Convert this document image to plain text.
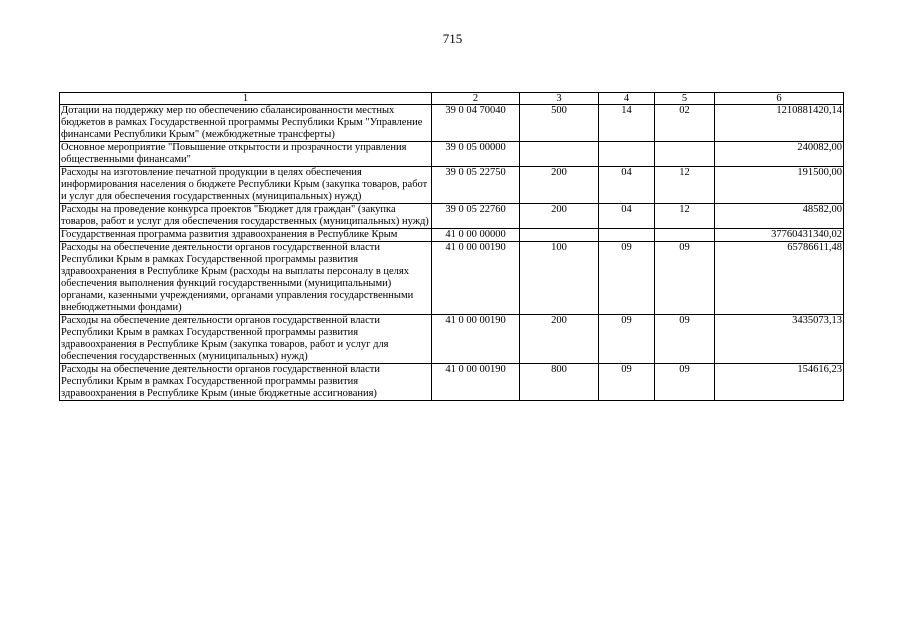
715
1	2	3	4	5	6
Дотации на поддержку мер по обеспечению сбалансированности местных бюджетов в рамках Государственной программы Республики Крым "Управление финансами Республики Крым" (межбюджетные трансферты)	39 0 04 70040	500	14	02	1210881420,14
Основное мероприятие "Повышение открытости и прозрачности управления общественными финансами"	39 0 05 00000				240082,00
Расходы на изготовление печатной продукции в целях обеспечения информирования населения о бюджете Республики Крым (закупка товаров, работ и услуг для обеспечения государственных (муниципальных) нужд)	39 0 05 22750	200	04	12	191500,00
Расходы на проведение конкурса проектов "Бюджет для граждан" (закупка товаров, работ и услуг для обеспечения государственных (муниципальных) нужд)	39 0 05 22760	200	04	12	48582,00
Государственная программа развития здравоохранения в Республике Крым	41 0 00 00000				37760431340,02
Расходы на обеспечение деятельности органов государственной власти Республики Крым в рамках Государственной программы развития здравоохранения в Республике Крым (расходы на выплаты персоналу в целях обеспечения выполнения функций государственными (муниципальными) органами, казенными учреждениями, органами управления государственными внебюджетными фондами)	41 0 00 00190	100	09	09	65786611,48
Расходы на обеспечение деятельности органов государственной власти Республики Крым в рамках Государственной программы развития здравоохранения в Республике Крым (закупка товаров, работ и услуг для обеспечения государственных (муниципальных) нужд)	41 0 00 00190	200	09	09	3435073,13
Расходы на обеспечение деятельности органов государственной власти Республики Крым в рамках Государственной программы развития здравоохранения в Республике Крым (иные бюджетные ассигнования)	41 0 00 00190	800	09	09	154616,23
